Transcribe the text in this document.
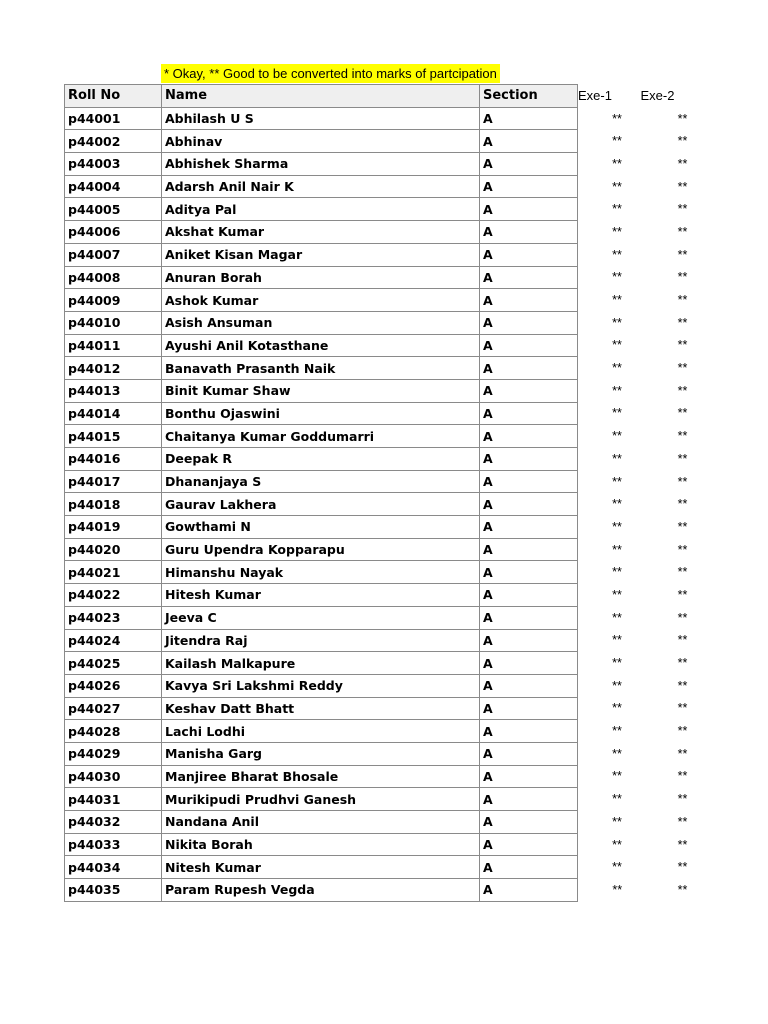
* Okay, ** Good to be converted into marks of partcipation
Roll No	Name	Section	Exe-1	Exe-2
p44001	Abhilash U S	A	**	**
p44002	Abhinav	A	**	**
p44003	Abhishek Sharma	A	**	**
p44004	Adarsh Anil Nair K	A	**	**
p44005	Aditya Pal	A	**	**
p44006	Akshat Kumar	A	**	**
p44007	Aniket Kisan Magar	A	**	**
p44008	Anuran Borah	A	**	**
p44009	Ashok Kumar	A	**	**
p44010	Asish Ansuman	A	**	**
p44011	Ayushi Anil Kotasthane	A	**	**
p44012	Banavath Prasanth Naik	A	**	**
p44013	Binit Kumar Shaw	A	**	**
p44014	Bonthu Ojaswini	A	**	**
p44015	Chaitanya Kumar Goddumarri	A	**	**
p44016	Deepak R	A	**	**
p44017	Dhananjaya S	A	**	**
p44018	Gaurav Lakhera	A	**	**
p44019	Gowthami N	A	**	**
p44020	Guru Upendra Kopparapu	A	**	**
p44021	Himanshu Nayak	A	**	**
p44022	Hitesh Kumar	A	**	**
p44023	Jeeva C	A	**	**
p44024	Jitendra Raj	A	**	**
p44025	Kailash Malkapure	A	**	**
p44026	Kavya Sri Lakshmi Reddy	A	**	**
p44027	Keshav Datt Bhatt	A	**	**
p44028	Lachi Lodhi	A	**	**
p44029	Manisha Garg	A	**	**
p44030	Manjiree Bharat Bhosale	A	**	**
p44031	Murikipudi Prudhvi Ganesh	A	**	**
p44032	Nandana Anil	A	**	**
p44033	Nikita Borah	A	**	**
p44034	Nitesh Kumar	A	**	**
p44035	Param Rupesh Vegda	A	**	**
